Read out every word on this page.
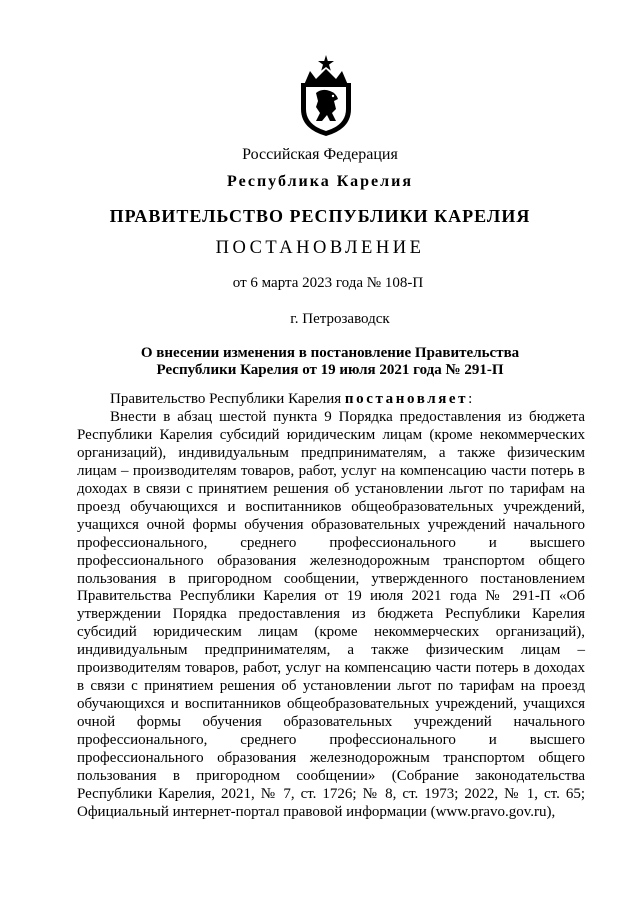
Российская Федерация
Республика Карелия
ПРАВИТЕЛЬСТВО РЕСПУБЛИКИ КАРЕЛИЯ
ПОСТАНОВЛЕНИЕ
от 6 марта 2023 года № 108-П
г. Петрозаводск
О внесении изменения в постановление Правительства
Республики Карелия от 19 июля 2021 года № 291-П
Правительство Республики Карелия постановляет:
Внести в абзац шестой пункта 9 Порядка предоставления из бюджета Республики Карелия субсидий юридическим лицам (кроме некоммерческих организаций), индивидуальным предпринимателям, а также физическим лицам – производителям товаров, работ, услуг на компенсацию части потерь в доходах в связи с принятием решения об установлении льгот по тарифам на проезд обучающихся и воспитанников общеобразовательных учреждений, учащихся очной формы обучения образовательных учреждений начального профессионального, среднего профессионального и высшего профессионального образования железнодорожным транспортом общего пользования в пригородном сообщении, утвержденного постановлением Правительства Республики Карелия от 19 июля 2021 года № 291-П «Об утверждении Порядка предоставления из бюджета Республики Карелия субсидий юридическим лицам (кроме некоммерческих организаций), индивидуальным предпринимателям, а также физическим лицам – производителям товаров, работ, услуг на компенсацию части потерь в доходах в связи с принятием решения об установлении льгот по тарифам на проезд обучающихся и воспитанников общеобразовательных учреждений, учащихся очной формы обучения образовательных учреждений начального профессионального, среднего профессионального и высшего профессионального образования железнодорожным транспортом общего пользования в пригородном сообщении» (Собрание законодательства Республики Карелия, 2021, № 7, ст. 1726; № 8, ст. 1973; 2022, № 1, ст. 65; Официальный интернет-портал правовой информации (www.pravo.gov.ru),
